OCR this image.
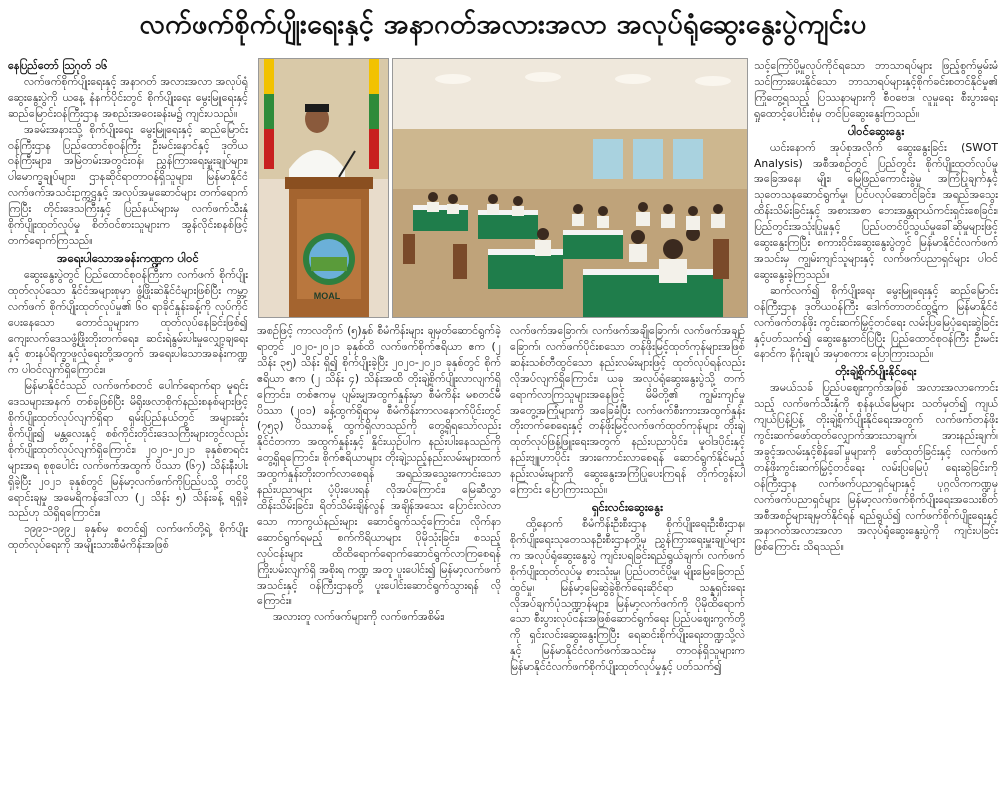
လက်ဖက်စိုက်ပျိုးရေးနှင့် အနာဂတ်အလားအလာ အလုပ်ရုံဆွေးနွေးပွဲကျင်းပ

နေပြည်တော် ဩဂုတ် ၁၆

လက်ဖက်စိုက်ပျိုးရေးနှင့် အနာဂတ် အလားအလာ အလုပ်ရုံဆွေးနွေးပွဲကို ယနေ့ နံနက်ပိုင်းတွင် စိုက်ပျိုးရေး မွေးမြူရေးနှင့် ဆည်မြောင်းဝန်ကြီးဌာန အစည်းအဝေးခန်းမ၌ ကျင်းပသည်။

အခမ်းအနားသို့ စိုက်ပျိုးရေး မွေးမြူရေးနှင့် ဆည်မြောင်းဝန်ကြီးဌာန ပြည်ထောင်စုဝန်ကြီး ဦးမင်းနောင်နှင့် ဒုတိယဝန်ကြီးများ၊ အမြဲတမ်းအတွင်းဝန်၊ ညွှန်ကြားရေးမှူးချုပ်များ၊ ပါမောက္ခချုပ်များ၊ ဌာနဆိုင်ရာတာဝန်ရှိသူများ၊ မြန်မာနိုင်ငံလက်ဖက်အသင်းဥက္ကဋ္ဌနှင့် အလုပ်အမှုဆောင်များ တက်ရောက်ကြပြီး တိုင်းဒေသကြီးနှင့် ပြည်နယ်များမှ လက်ဖက်သီးနှံစိုက်ပျိုးထုတ်လုပ်မှု စိတ်ဝင်စားသူများက အွန်လိုင်းစနစ်ဖြင့် တက်ရောက်ကြသည်။

အရေးပါသောအခန်းကဏ္ဍက ပါဝင်

ဆွေးနွေးပွဲတွင် ပြည်ထောင်စုဝန်ကြီးက လက်ဖက် စိုက်ပျိုးထုတ်လုပ်သော နိုင်ငံအများစုမှာ ဖွံ့ဖြိုးဆဲနိုင်ငံများဖြစ်ပြီး ကမ္ဘာ့လက်ဖက် စိုက်ပျိုးထုတ်လုပ်မှု၏ ၆၀ ရာခိုင်နှုန်းခန့်ကို လုပ်ကိုင်ပေးနေသော တောင်သူများက ထုတ်လုပ်နေခြင်းဖြစ်၍ ကျေးလက်ဒေသဖွံ့ဖြိုးတိုးတက်ရေး၊ ဆင်းရဲနွမ်းပါးမှုလျှော့ချရေးနှင့် စားနပ်ရိက္ခာဖူလုံရေးတို့အတွက် အရေးပါသောအခန်းကဏ္ဍက ပါဝင်လျက်ရှိကြောင်း။

မြန်မာနိုင်ငံသည် လက်ဖက်စတင် ပေါက်ရောက်ရာ မူရင်းဒေသများအနက် တစ်ခုဖြစ်ပြီး မိရိုးဖလာစိုက်နည်းစနစ်များဖြင့် စိုက်ပျိုးထုတ်လုပ်လျက်ရှိရာ ရှမ်းပြည်နယ်တွင် အများဆုံးစိုက်ပျိုး၍ မန္တလေးနှင့် စစ်ကိုင်းတိုင်းဒေသကြီးများတွင်လည်း စိုက်ပျိုးထုတ်လုပ်လျက်ရှိကြောင်း၊ ၂၀၂၀-၂၀၂၁ ခုနှစ်စာရင်းများအရ စုစုပေါင်း လက်ဖက်အထွက် ပိဿာ (၆၇) သိန်းနီးပါး ရှိခဲ့ပြီး ၂၀၂၁ ခုနှစ်တွင် မြန်မာ့လက်ဖက်ကိုပြည်ပသို့ တင်ပို့ရောင်းချမှု အမေရိကန်ဒေါ်လာ (၂ သိန်း ၅) သိန်းခန့် ရရှိခဲ့သည်ဟု သိရှိရကြောင်း။

၁၉၉၁-၁၉၉၂ ခုနှစ်မှ စတင်၍ လက်ဖက်တို့ရဲ့ စိုက်ပျိုးထုတ်လုပ်ရေးကို အမျိုးသားစီမံကိန်းအဖြစ်

MOAL

အစဉ်ဖြင့် ကာလတိုက် (၅)နှစ် စီမံကိန်းများ ချမှတ်ဆောင်ရွက်ခဲ့ရာတွင် ၂၀၂၀-၂၀၂၁ ခုနှစ်ထိ လက်ဖက်စိုက်ဧရိယာ ဧက (၂ သိန်း ၃၅) သိန်း ရှိ၍ စိုက်ပျိုးခဲ့ပြီး ၂၀၂၀-၂၀၂၁ ခုနှစ်တွင် စိုက်ဧရိယာ ဧက (၂ သိန်း ၄) သိန်းအထိ တိုးချဲ့စိုက်ပျိုးလာလျက်ရှိကြောင်း၊ တစ်ဧကမှ ပျမ်းမျှအထွက်နှုန်းမှာ စီမံကိန်း မစတင်မီ ပိဿာ (၂၀၁) ခန့်ထွက်ရှိရာမှ စီမံကိန်းကာလနောက်ပိုင်းတွင် (၇၅၃) ပိဿာခန့် ထွက်ရှိလာသည်ကို တွေ့ရှိရသော်လည်း နိုင်ငံတကာ အထွက်နှုန်းနှင့် နှိုင်းယှဉ်ပါက နည်းပါးနေသည်ကို တွေ့ရှိရကြောင်း၊ စိုက်ဧရိယာများ တိုးချဲ့သည့်နည်းလမ်းများထက် အထွက်နှုန်းတိုးတက်လာစေရန် အရည်အသွေးကောင်းသော နည်းပညာများ ပံ့ပိုးပေးရန် လိုအပ်ကြောင်း၊ မြေဆီလွှာ ထိန်းသိမ်းခြင်း၊ ရိတ်သိမ်းချိန်လွန် အချိန်အသေး ပြောင်းလဲလာသော ကာကွယ်နည်းများ ဆောင်ရွက်သင့်ကြောင်း၊ လိုက်နာဆောင်ရွက်ရမည့် စက်ကိရိယာများ ပိုမိုသုံးခြင်း၊ စသည့် လုပ်ငန်းများ ထိထိရောက်ရောက်ဆောင်ရွက်လာကြစေရန် ကြိုးပမ်းလျက်ရှိ အစိုးရ ကဏ္ဍ အတူ ပူးပေါင်း၍ မြန်မာ့လက်ဖက်အသင်းနှင့် ဝန်ကြီးဌာနတို့ ပူးပေါင်းဆောင်ရွက်သွားရန် လိုကြောင်း။

အလားတူ လက်ဖက်များကို လက်ဖက်အစိမ်း၊

လက်ဖက်အခြောက်၊ လက်ဖက်အချိုခြောက်၊ လက်ဖက်အချဉ်ခြောက်၊ လက်ဖက်ပိုင်းစသော တန်ဖိုးမြင့်ထုတ်ကုန်များအဖြစ် ဆန်းသစ်တီထွင်သော နည်းလမ်းများဖြင့် ထုတ်လုပ်ရန်လည်း လိုအပ်လျက်ရှိကြောင်း၊ ယခု အလုပ်ရုံဆွေးနွေးပွဲသို့ တက်ရောက်လာကြသူများအနေဖြင့် မိမိတို့၏ ကျွမ်းကျင်မှု အတွေ့အကြုံများကို အခြေခံပြီး လက်ဖက်စီးကားအထွက်နှုန်း တိုးတက်စေရေးနှင့် တန်ဖိုးမြင့်လက်ဖက်ထုတ်ကုန်များ တိုးချဲ့ထုတ်လုပ်ဖြန့်ဖြူးရေးအတွက် နည်းပညာပိုင်း၊ မူဝါဒပိုင်းနှင့် နည်းဗျူဟာပိုင်း အားကောင်းလာစေရန် ဆောင်ရွက်နိုင်မည့် နည်းလမ်းများကို ဆွေးနွေးအကြံပြုပေးကြရန် တိုက်တွန်းပါကြောင်း ပြောကြားသည်။

ရှင်းလင်းဆွေးနွေး

ထို့နောက် စီမံကိန်းဦးစီးဌာန စိုက်ပျိုးရေးဦးစီးဌာန၊ စိုက်ပျိုးရေးသုတေသနဦးစီးဌာနတို့မှ ညွှန်ကြားရေးမှူးချုပ်များက အလုပ်ရုံဆွေးနွေးပွဲ ကျင်းပရခြင်းရည်ရွယ်ချက်၊ လက်ဖက်စိုက်ပျိုးထုတ်လုပ်မှု စားသုံးမှု၊ ပြည်ပတင်ပို့မှု၊ မျိုးမြေခြေတည်ထွင်မှု၊ မြန်မာ့မြေဆွဲခွဲစိုက်ရေးဆိုင်ရာ သန္နရှင်းရေး လိုအပ်ချက်ပုံသဏ္ဍာန်များ၊ မြန်မာ့လက်ဖက်ကို ပိုမိုထိရောက်သော စီးပွားလုပ်ငန်းအဖြစ်ဆောင်ရွက်ရေး ပြည်ပဈေးကွက်တို့ကို ရှင်းလင်းဆွေးနွေးကြပြီး ရေဆင်းစိုက်ပျိုးရေးတဏ္ဍသို့လဲနှင့် မြန်မာနိုင်ငံလက်ဖက်အသင်းမှ တာဝန်ရှိသူများက မြန်မာနိုင်ငံလက်ဖက်စိုက်ပျိုးထုတ်လုပ်မှုနှင့် ပတ်သက်၍

သင့်ကြော်ပို့မှုလုပ်ကိုင်ရသော ဘာသာရပ်များ ဖြည့်စွက်မွမ်းမံ သင်ကြားပေးနိုင်သော ဘာသာရပ်များနှင့်စိုက်ခင်းစတင်နိုင်မှု၏ ကြုံတွေ့ရသည့် ပြဿနာများကို စီဝဗေဒ၊ လူမှုရေး စီးပွားရေး ရှုထောင့်ပေါင်းစုံမှ တင်ပြဆွေးနွေးကြသည်။

ပါဝင်ဆွေးနွေး

ယင်းနောက် အုပ်စုအလိုက် ဆွေးနွေးခြင်း (SWOT Analysis) အစီအစဉ်တွင် ပြည်တွင်း စိုက်ပျိုးထုတ်လုပ်မှုအခြေအနေ၊ မျိုး၊ မြေဖြည်ကောင်းခွဲမှု အကြံပြုချက်နှင့် သုတေသနဆောင်ရွက်မှု၊ ပြင်ပလုပ်ဆောင်ခြင်း၊ အရည်အသွေးထိန်းသိမ်းခြင်းနှင့် အစားအစာ ဘေးအန္တရာယ်ကင်းရှင်းစေခြင်း၊ ပြည်တွင်းအသုံးပြုမှုနှင့် ပြည်ပတင်ပို့သွယ်မှုခေါ်ဆိုမှုများဖြင့် ဆွေးနွေးကြပြီး စကားဝိုင်းဆွေးနွေးပွဲတွင် မြန်မာနိုင်ငံလက်ဖက်အသင်းမှ ကျွမ်းကျင်သူများနှင့် လက်ဖက်ပညာရှင်များ ပါဝင်ဆွေးနွေးခဲ့ကြသည်။

ဆက်လက်၍ စိုက်ပျိုးရေး မွေးမြူရေးနှင့် ဆည်မြောင်းဝန်ကြီးဌာန ဒုတိယဝန်ကြီး ဒေါက်တာတင်ထွဋ်က မြန်မာနိုင်ငံ လက်ဖက်တန်ဖိုး ကွင်းဆက်မြှင့်တင်ရေး လမ်းပြမြေပုံရေးဆွဲခြင်းနှင့်ပတ်သက်၍ ဆွေးနွေးတင်ပြပြီး ပြည်ထောင်စုဝန်ကြီး ဦးမင်းနောင်က နိဂုံးချုပ် အမှာစကား ပြောကြားသည်။

တိုးချဲ့စိုက်ပျိုးနိုင်ရေး

အမယ်သခ် ပြည်ပဈေးကွက်အဖြစ် အလားအလာကောင်းသည့် လက်ဖက်သီးနှံကို စုန်နယ်မြေများ သတ်မှတ်၍ ကျယ်ကျယ်ပြန့်ပြန့် တိုးချဲ့စိုက်ပျိုးနိုင်ရေးအတွက် လက်ဖက်တန်ဖိုး ကွင်းဆက်ဖော်ထုတ်လျှောက်အားသာချက်၊ အားနည်းချက်၊ အခွင့်အလမ်းနှင့်စိန်ခေါ်မှုများကို ဖော်ထုတ်ခြင်းနှင့် လက်ဖက်တန်ဖိုးကွင်းဆက်မြှင့်တင်ရေး လမ်းပြမြေပုံ ရေးဆွဲခြင်းကို ဝန်ကြီးဌာန လက်ဖက်ပညာရှင်များနှင့် ပုဂ္ဂလိကကဏ္ဍမှ လက်ဖက်ပညာရှင်များ မြန်မာ့လက်ဖက်စိုက်ပျိုးရေးအသေးစိတ်အစီအစဉ်များချမှတ်နိုင်ရန် ရည်ရွယ်၍ လက်ဖက်စိုက်ပျိုးရေးနှင့် အနာဂတ်အလားအလာ အလုပ်ရုံဆွေးနွေးပွဲကို ကျင်းပခြင်းဖြစ်ကြောင်း သိရသည်။
